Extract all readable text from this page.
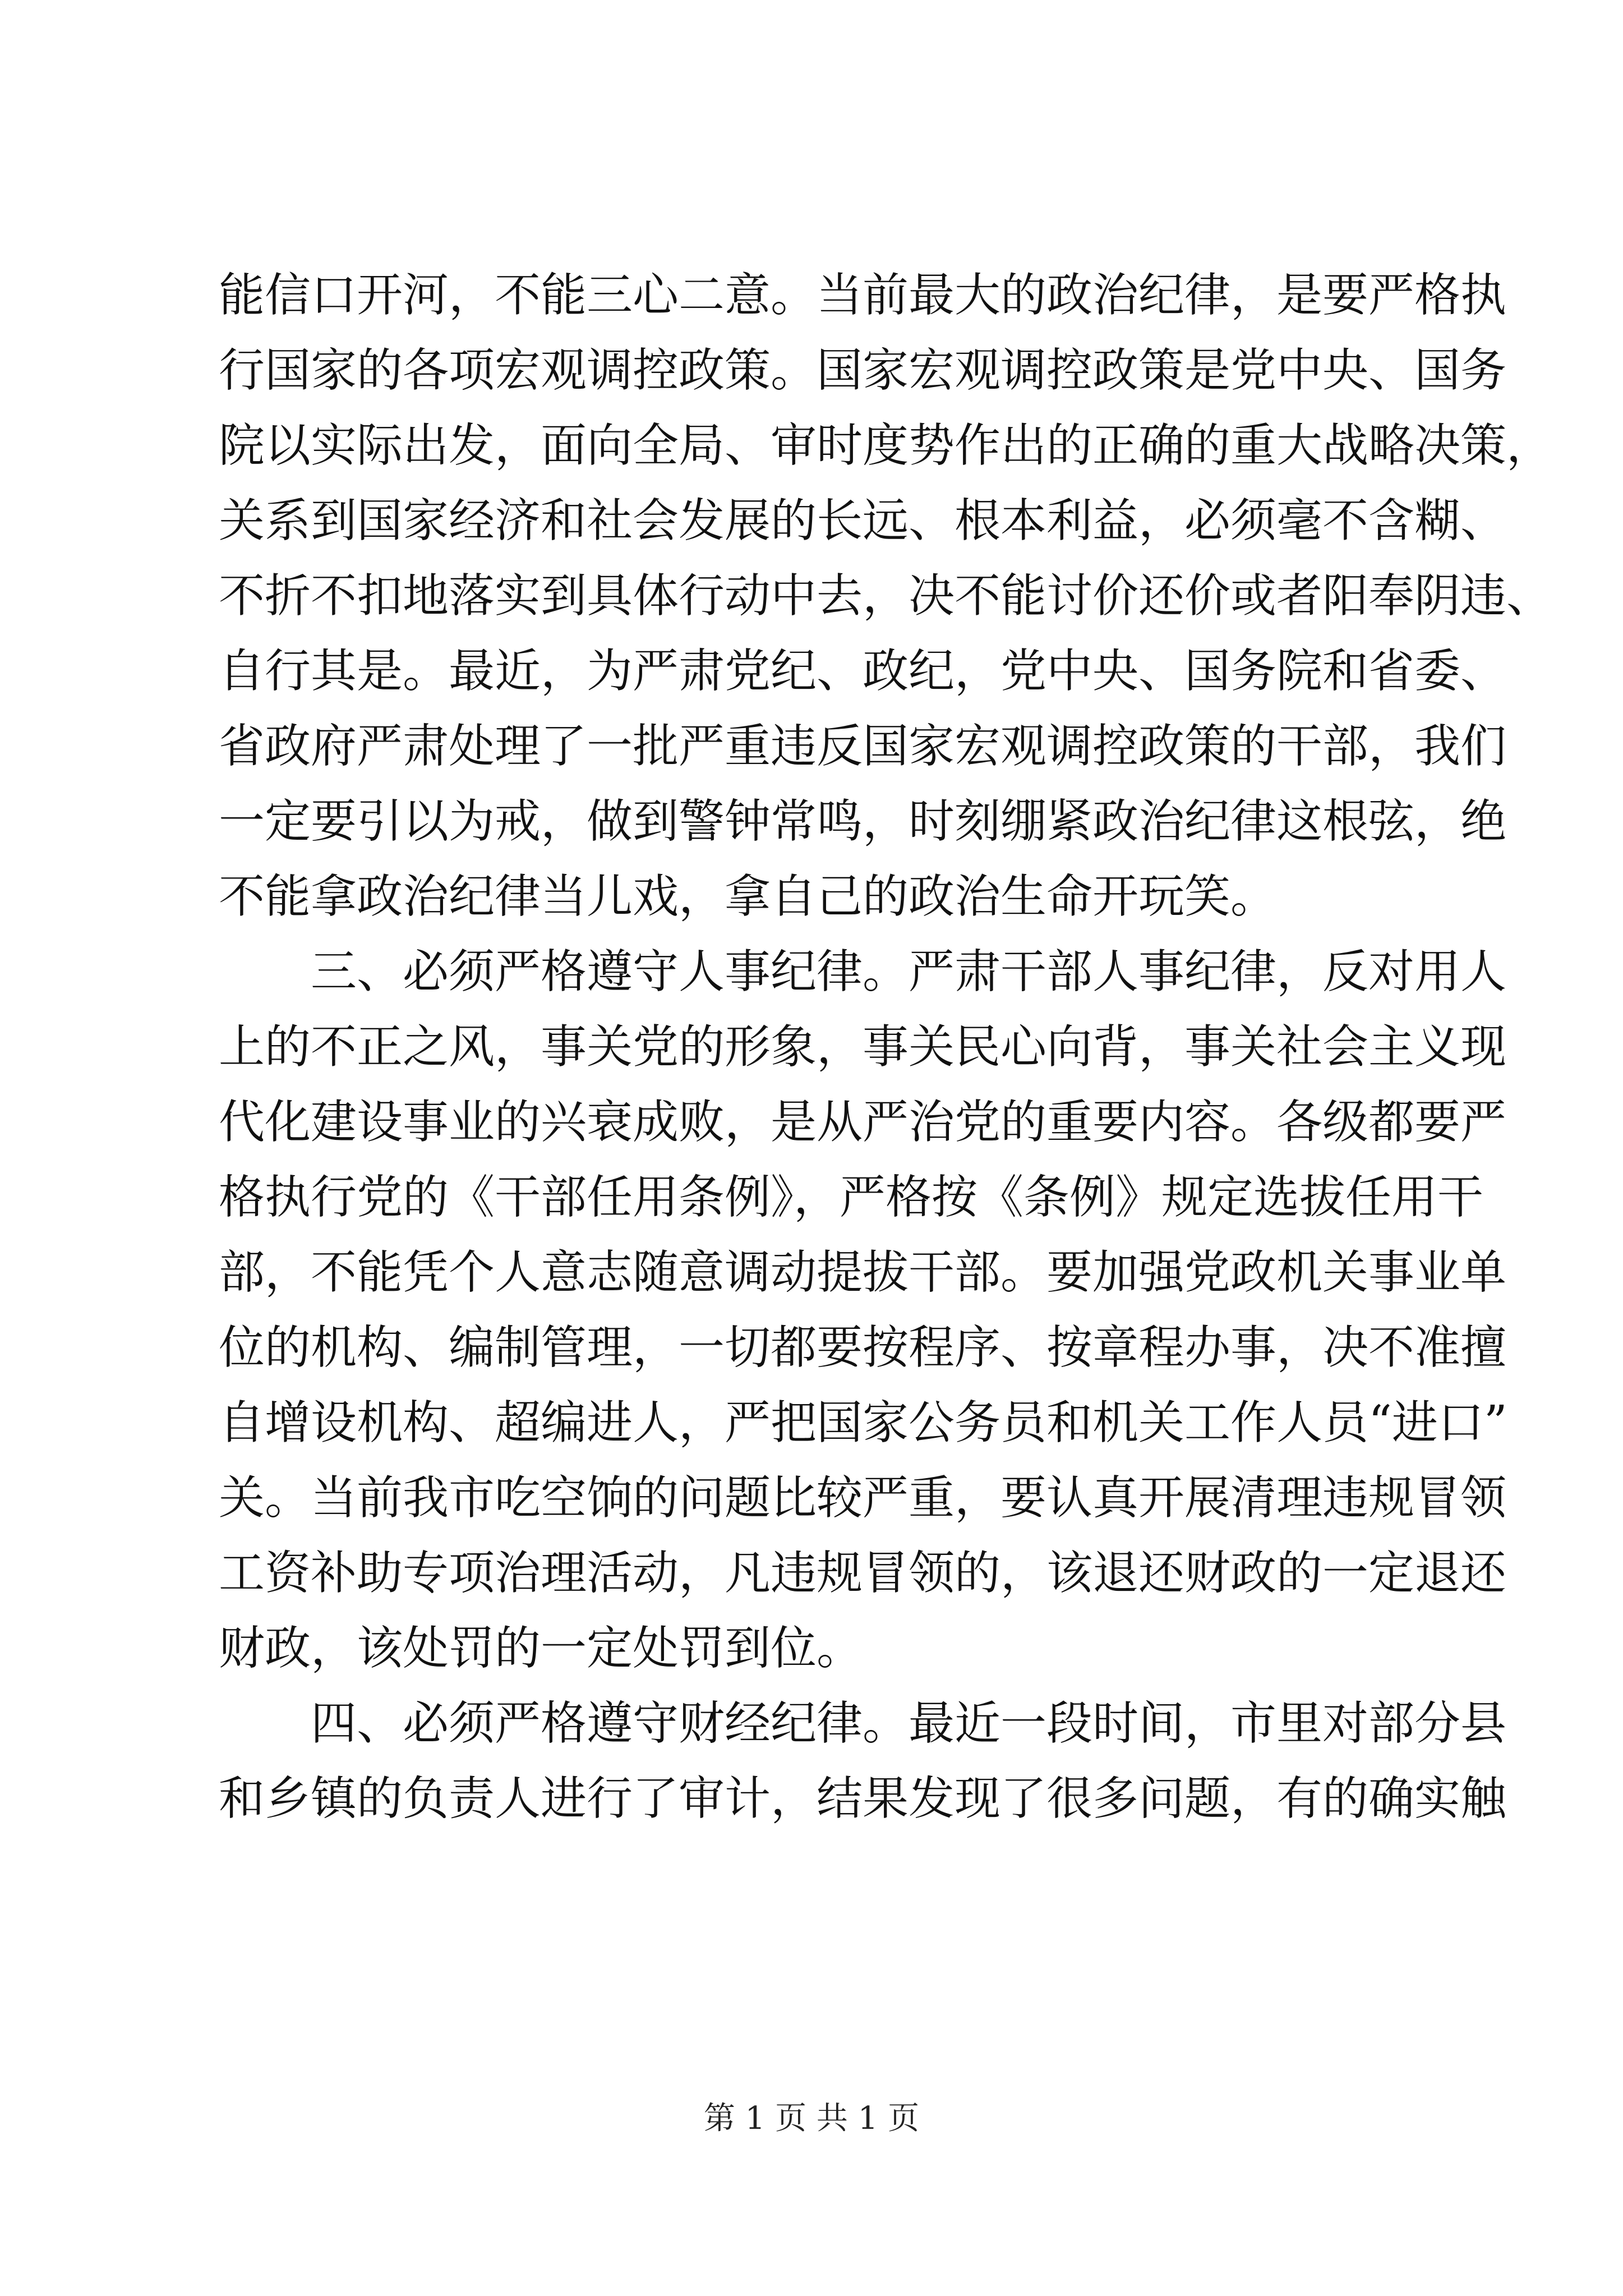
能信口开河，不能三心二意。当前最大的政治纪律，是要严格执
行国家的各项宏观调控政策。国家宏观调控政策是党中央、国务
院以实际出发，面向全局、审时度势作出的正确的重大战略决策，
关系到国家经济和社会发展的长远、根本利益，必须毫不含糊、
不折不扣地落实到具体行动中去，决不能讨价还价或者阳奉阴违、
自行其是。最近，为严肃党纪、政纪，党中央、国务院和省委、
省政府严肃处理了一批严重违反国家宏观调控政策的干部，我们
一定要引以为戒，做到警钟常鸣，时刻绷紧政治纪律这根弦，绝
不能拿政治纪律当儿戏，拿自己的政治生命开玩笑。
三、必须严格遵守人事纪律。严肃干部人事纪律，反对用人
上的不正之风，事关党的形象，事关民心向背，事关社会主义现
代化建设事业的兴衰成败，是从严治党的重要内容。各级都要严
格执行党的《干部任用条例》，严格按《条例》规定选拔任用干
部，不能凭个人意志随意调动提拔干部。要加强党政机关事业单
位的机构、编制管理，一切都要按程序、按章程办事，决不准擅
自增设机构、超编进人，严把国家公务员和机关工作人员“进口”
关。当前我市吃空饷的问题比较严重，要认真开展清理违规冒领
工资补助专项治理活动，凡违规冒领的，该退还财政的一定退还
财政，该处罚的一定处罚到位。
四、必须严格遵守财经纪律。最近一段时间，市里对部分县
和乡镇的负责人进行了审计，结果发现了很多问题，有的确实触
第 1 页 共 1 页
